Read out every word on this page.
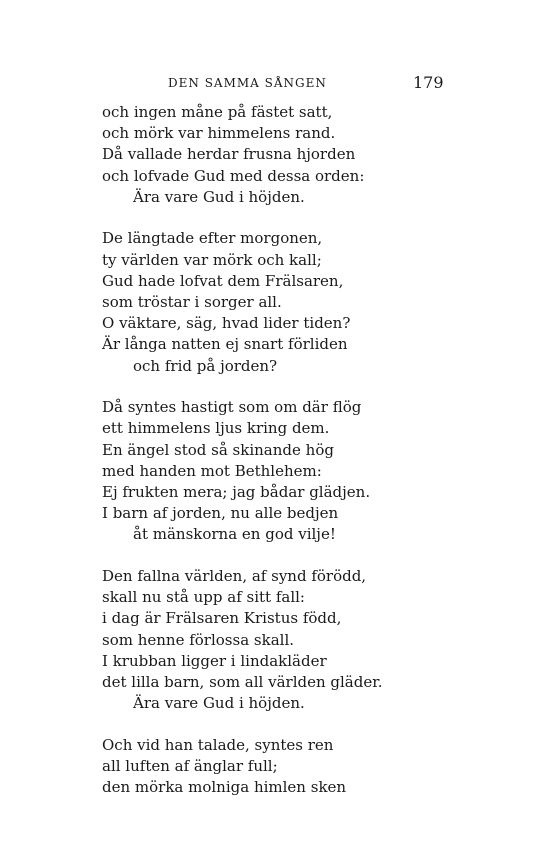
DEN SAMMA SÅNGEN	179
och ingen måne på fästet satt,
och mörk var himmelens rand.
Då vallade herdar frusna hjorden
och lofvade Gud med dessa orden:
Ära vare Gud i höjden.
De längtade efter morgonen,
ty världen var mörk och kall;
Gud hade lofvat dem Frälsaren,
som tröstar i sorger all.
O väktare, säg, hvad lider tiden?
Är långa natten ej snart förliden
och frid på jorden?
Då syntes hastigt som om där flög
ett himmelens ljus kring dem.
En ängel stod så skinande hög
med handen mot Bethlehem:
Ej frukten mera; jag bådar glädjen.
I barn af jorden, nu alle bedjen
åt mänskorna en god vilje!
Den fallna världen, af synd förödd,
skall nu stå upp af sitt fall:
i dag är Frälsaren Kristus född,
som henne förlossa skall.
I krubban ligger i lindakläder
det lilla barn, som all världen gläder.
Ära vare Gud i höjden.
Och vid han talade, syntes ren
all luften af änglar full;
den mörka molniga himlen sken
